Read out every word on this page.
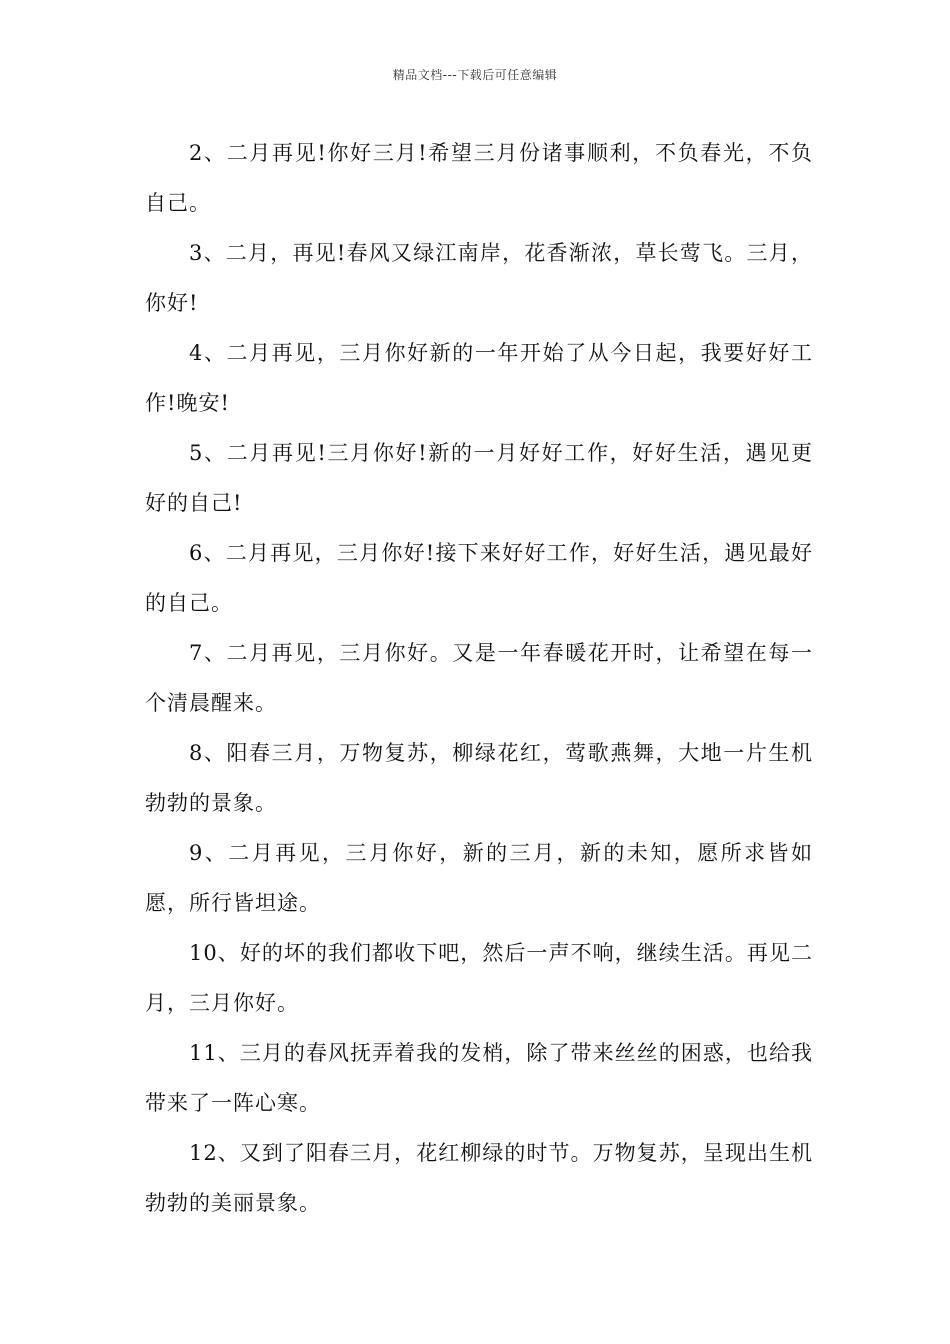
精品文档---下载后可任意编辑

2、二月再见!你好三月!希望三月份诸事顺利，不负春光，不负自己。

3、二月，再见!春风又绿江南岸，花香渐浓，草长莺飞。三月，你好!

4、二月再见，三月你好新的一年开始了从今日起，我要好好工作!晚安!

5、二月再见!三月你好!新的一月好好工作，好好生活，遇见更好的自己!

6、二月再见，三月你好!接下来好好工作，好好生活，遇见最好的自己。

7、二月再见，三月你好。又是一年春暖花开时，让希望在每一个清晨醒来。

8、阳春三月，万物复苏，柳绿花红，莺歌燕舞，大地一片生机勃勃的景象。

9、二月再见，三月你好，新的三月，新的未知，愿所求皆如愿，所行皆坦途。

10、好的坏的我们都收下吧，然后一声不响，继续生活。再见二月，三月你好。

11、三月的春风抚弄着我的发梢，除了带来丝丝的困惑，也给我带来了一阵心寒。

12、又到了阳春三月，花红柳绿的时节。万物复苏，呈现出生机勃勃的美丽景象。
